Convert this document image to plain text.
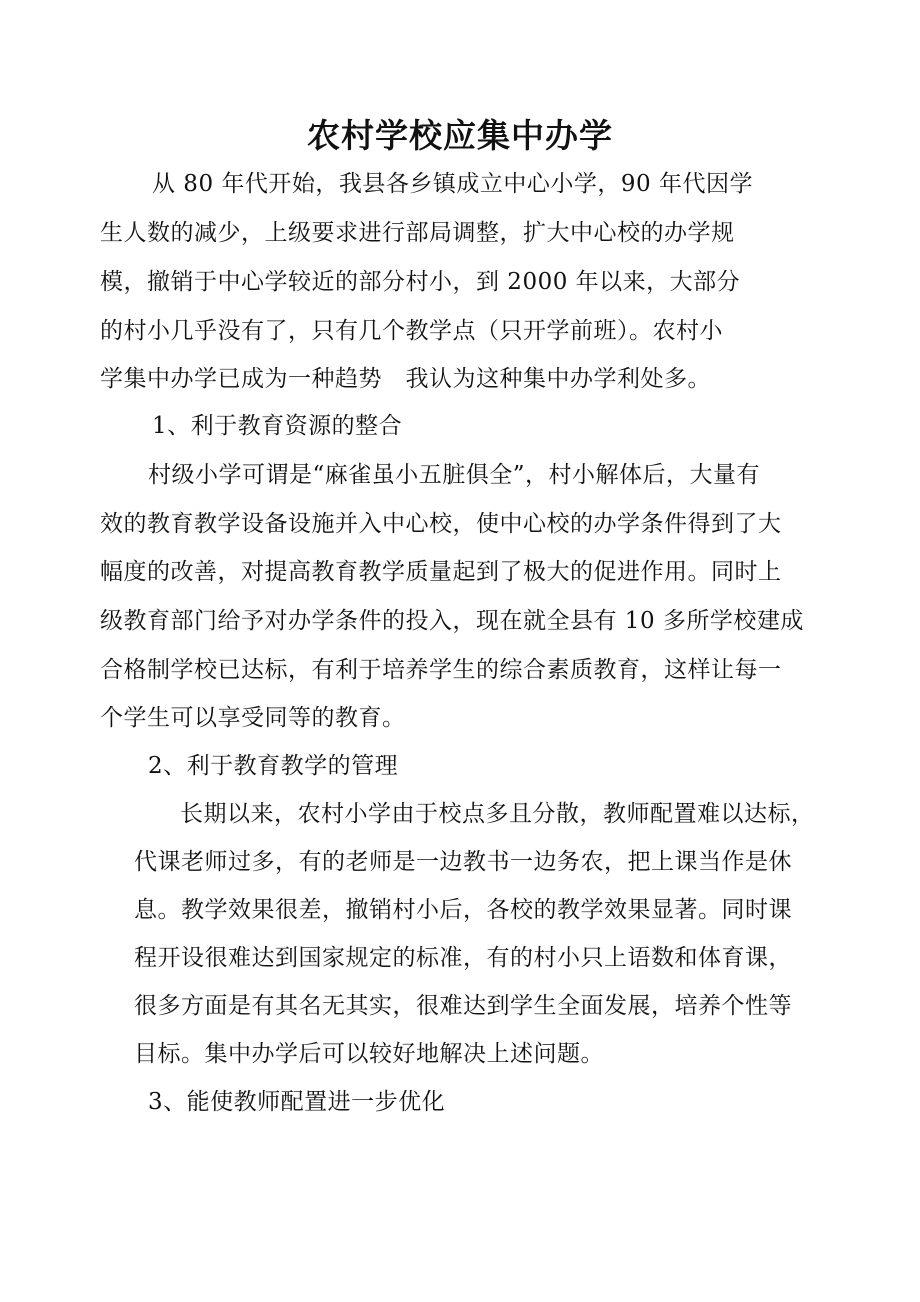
农村学校应集中办学
从 80 年代开始，我县各乡镇成立中心小学，90 年代因学
生人数的减少，上级要求进行部局调整，扩大中心校的办学规
模，撤销于中心学较近的部分村小，到 2000 年以来，大部分
的村小几乎没有了，只有几个教学点（只开学前班）。农村小
学集中办学已成为一种趋势　我认为这种集中办学利处多。
1、利于教育资源的整合
村级小学可谓是“麻雀虽小五脏俱全”，村小解体后，大量有
效的教育教学设备设施并入中心校，使中心校的办学条件得到了大
幅度的改善，对提高教育教学质量起到了极大的促进作用。同时上
级教育部门给予对办学条件的投入，现在就全县有 10 多所学校建成
合格制学校已达标，有利于培养学生的综合素质教育，这样让每一
个学生可以享受同等的教育。
2、利于教育教学的管理
长期以来，农村小学由于校点多且分散，教师配置难以达标，
代课老师过多，有的老师是一边教书一边务农，把上课当作是休
息。教学效果很差，撤销村小后，各校的教学效果显著。同时课
程开设很难达到国家规定的标准，有的村小只上语数和体育课，
很多方面是有其名无其实，很难达到学生全面发展，培养个性等
目标。集中办学后可以较好地解决上述问题。
3、能使教师配置进一步优化
